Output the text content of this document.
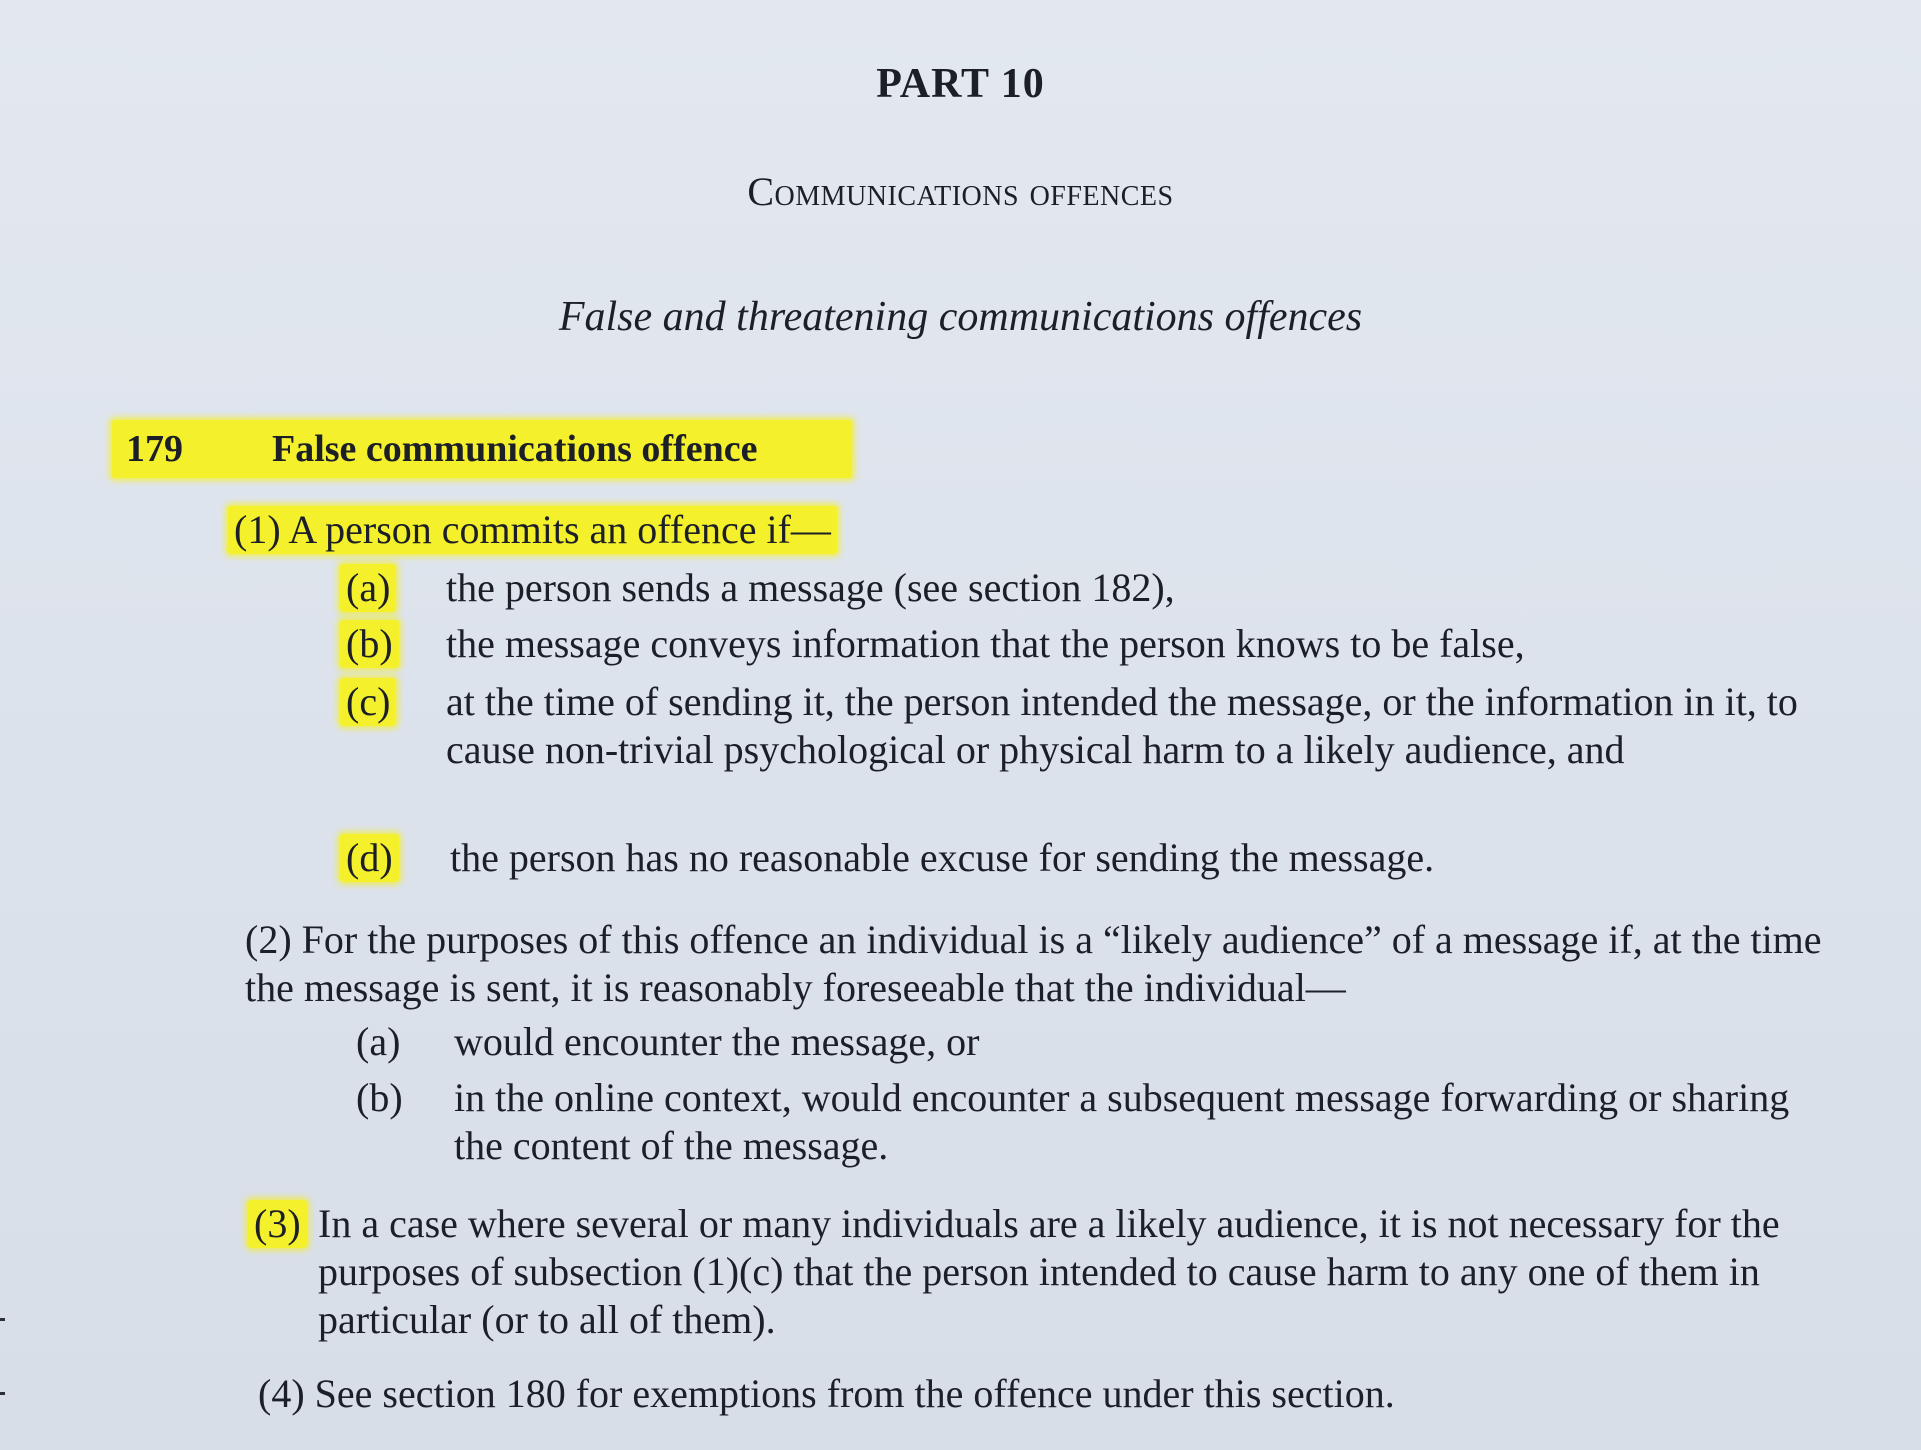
PART 10
Communications offences
False and threatening communications offences
179 False communications offence
(1) A person commits an offence if—
(a) the person sends a message (see section 182),
(b) the message conveys information that the person knows to be false,
(c) at the time of sending it, the person intended the message, or the information in it, to cause non-trivial psychological or physical harm to a likely audience, and
(d) the person has no reasonable excuse for sending the message.
(2) For the purposes of this offence an individual is a “likely audience” of a message if, at the time the message is sent, it is reasonably foreseeable that the individual—
(a) would encounter the message, or
(b) in the online context, would encounter a subsequent message forwarding or sharing the content of the message.
(3) In a case where several or many individuals are a likely audience, it is not necessary for the purposes of subsection (1)(c) that the person intended to cause harm to any one of them in particular (or to all of them).
(4) See section 180 for exemptions from the offence under this section.
